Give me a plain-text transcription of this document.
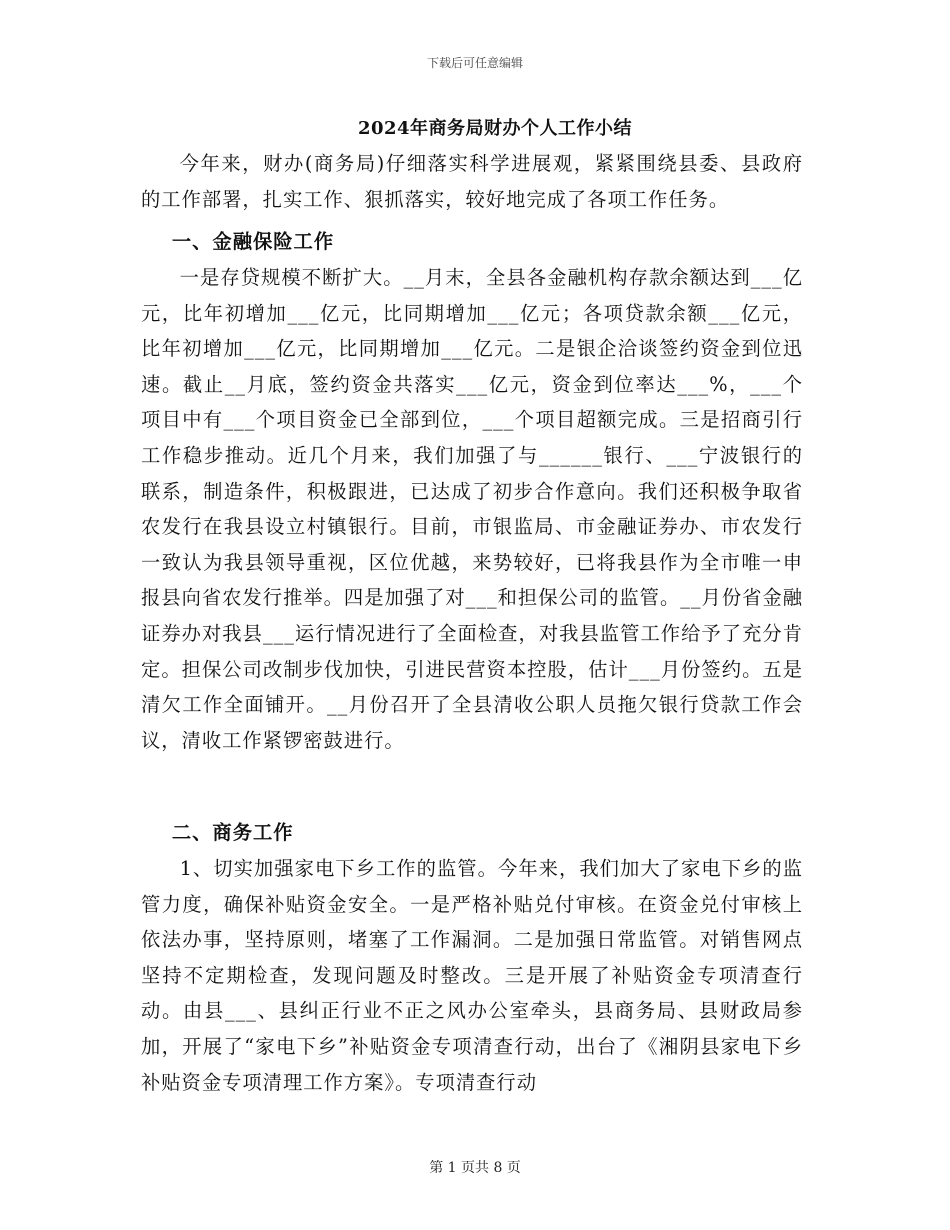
下载后可任意编辑
2024年商务局财办个人工作小结

今年来，财办(商务局)仔细落实科学进展观，紧紧围绕县委、县政府的工作部署，扎实工作、狠抓落实，较好地完成了各项工作任务。

一、金融保险工作

一是存贷规模不断扩大。__月末，全县各金融机构存款余额达到___亿元，比年初增加___亿元，比同期增加___亿元；各项贷款余额___亿元，比年初增加___亿元，比同期增加___亿元。二是银企洽谈签约资金到位迅速。截止__月底，签约资金共落实___亿元，资金到位率达___%，___个项目中有___个项目资金已全部到位，___个项目超额完成。三是招商引行工作稳步推动。近几个月来，我们加强了与______银行、___宁波银行的联系，制造条件，积极跟进，已达成了初步合作意向。我们还积极争取省农发行在我县设立村镇银行。目前，市银监局、市金融证券办、市农发行一致认为我县领导重视，区位优越，来势较好，已将我县作为全市唯一申报县向省农发行推举。四是加强了对___和担保公司的监管。__月份省金融证券办对我县___运行情况进行了全面检查，对我县监管工作给予了充分肯定。担保公司改制步伐加快，引进民营资本控股，估计___月份签约。五是清欠工作全面铺开。__月份召开了全县清收公职人员拖欠银行贷款工作会议，清收工作紧锣密鼓进行。

二、商务工作

1、切实加强家电下乡工作的监管。今年来，我们加大了家电下乡的监管力度，确保补贴资金安全。一是严格补贴兑付审核。在资金兑付审核上依法办事，坚持原则，堵塞了工作漏洞。二是加强日常监管。对销售网点坚持不定期检查，发现问题及时整改。三是开展了补贴资金专项清查行动。由县___、县纠正行业不正之风办公室牵头，县商务局、县财政局参加，开展了“家电下乡”补贴资金专项清查行动，出台了《湘阴县家电下乡补贴资金专项清理工作方案》。专项清查行动

第 1 页共 8 页
